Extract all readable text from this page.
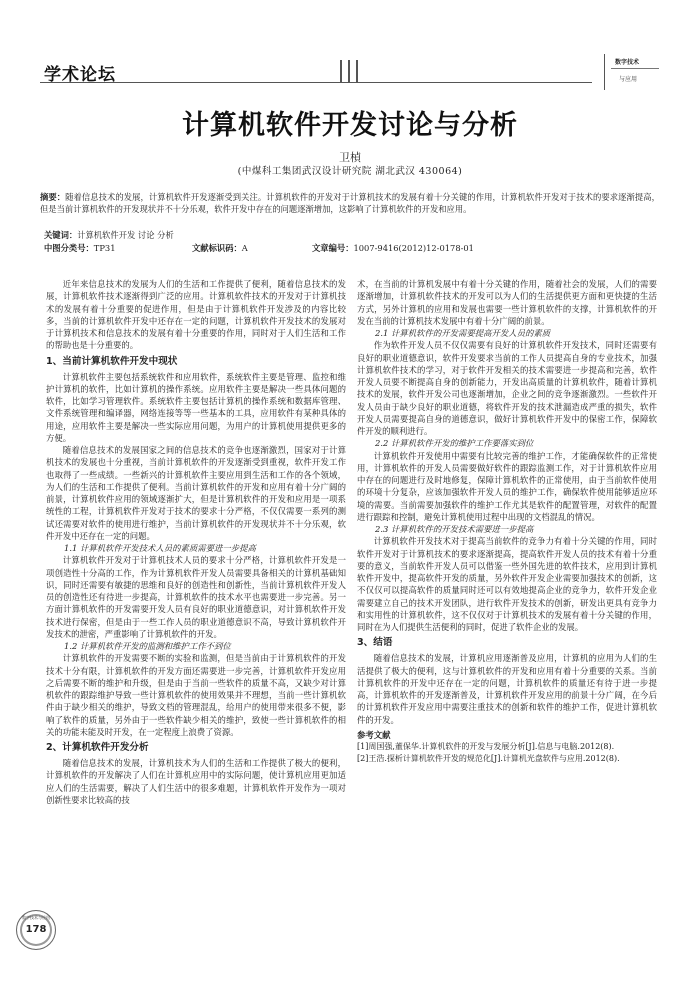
学术论坛
数字技术
与应用
计算机软件开发讨论与分析
卫楨
(中煤科工集团武汉设计研究院 湖北武汉 430064)
摘要：随着信息技术的发展，计算机软件开发逐渐受到关注。计算机软件的开发对于计算机技术的发展有着十分关键的作用，计算机软件开发对于技术的要求逐渐提高，但是当前计算机软件的开发现状并不十分乐观，软件开发中存在的问题逐渐增加，这影响了计算机软件的开发和应用。
关键词：计算机软件开发 讨论 分析
中图分类号：TP31	文献标识码：A	文章编号：1007-9416(2012)12-0178-01

近年来信息技术的发展为人们的生活和工作提供了便利，随着信息技术的发展，计算机软件技术逐渐得到广泛的应用。计算机软件技术的开发对于计算机技术的发展有着十分重要的促进作用，但是由于计算机软件开发涉及的内容比较多，当前的计算机软件开发中还存在一定的问题，计算机软件开发技术的发展对于计算机技术和信息技术的发展有着十分重要的作用，同时对于人们生活和工作的帮助也是十分重要的。

1、当前计算机软件开发中现状

计算机软件主要包括系统软件和应用软件，系统软件主要是管理、监控和维护计算机的软件，比如计算机的操作系统。应用软件主要是解决一些具体问题的软件，比如学习管理软件。系统软件主要包括计算机的操作系统和数据库管理、文件系统管理和编译器，网络连接等等一些基本的工具，应用软件有某种具体的用途，应用软件主要是解决一些实际应用问题，为用户的计算机使用提供更多的方便。

随着信息技术的发展国家之间的信息技术的竞争也逐渐激烈，国家对于计算机技术的发展也十分重视，当前计算机软件的开发逐渐受到重视，软件开发工作也取得了一些成绩。一些新兴的计算机软件主要应用到生活和工作的各个领域，为人们的生活和工作提供了便利。当前计算机软件的开发和应用有着十分广阔的前景，计算机软件应用的领域逐渐扩大，但是计算机软件的开发和应用是一项系统性的工程，计算机软件开发对于技术的要求十分严格，不仅仅需要一系列的测试还需要对软件的使用进行维护，当前计算机软件的开发现状并不十分乐观，软件开发中还存在一定的问题。

1.1 计算机软件开发技术人员的素质需要进一步提高

计算机软件开发对于计算机技术人员的要求十分严格，计算机软件开发是一项创造性十分高的工作，作为计算机软件开发人员需要具备相关的计算机基础知识，同时还需要有敏捷的思维和良好的创造性和创新性，当前计算机软件开发人员的创造性还有待进一步提高，计算机软件的技术水平也需要进一步完善。另一方面计算机软件的开发需要开发人员有良好的职业道德意识，对计算机软件开发技术进行保密，但是由于一些工作人员的职业道德意识不高，导致计算机软件开发技术的泄密，严重影响了计算机软件的开发。

1.2 计算机软件开发的监测和维护工作不到位

计算机软件的开发需要不断的实验和监测，但是当前由于计算机软件的开发技术十分有限，计算机软件的开发方面还需要进一步完善，计算机软件开发应用之后需要不断的维护和升级，但是由于当前一些软件的质量不高，又缺少对计算机软件的跟踪维护导致一些计算机软件的使用效果并不理想，当前一些计算机软件由于缺少相关的维护，导致文档的管理混乱，给用户的使用带来很多不便，影响了软件的质量，另外由于一些软件缺少相关的维护，致使一些计算机软件的相关的功能未能及时开发，在一定程度上浪费了资源。

2、计算机软件开发分析

随着信息技术的发展，计算机技术为人们的生活和工作提供了极大的便利，计算机软件的开发解决了人们在计算机应用中的实际问题，使计算机应用更加适应人们的生活需要，解决了人们生活中的很多难题，计算机软件开发作为一项对创新性要求比较高的技

术，在当前的计算机发展中有着十分关键的作用，随着社会的发展，人们的需要逐渐增加，计算机软件技术的开发可以为人们的生活提供更方面和更快捷的生活方式，另外计算机的应用和发展也需要一些计算机软件的支撑，计算机软件的开发在当前的计算机技术发展中有着十分广阔的前景。

2.1 计算机软件的开发需要提高开发人员的素质

作为软件开发人员不仅仅需要有良好的计算机软件开发技术，同时还需要有良好的职业道德意识，软件开发要求当前的工作人员提高自身的专业技术，加强计算机软件技术的学习，对于软件开发相关的技术需要进一步提高和完善，软件开发人员要不断提高自身的创新能力，开发出高质量的计算机软件，随着计算机技术的发展，软件开发公司也逐渐增加，企业之间的竞争逐渐激烈。一些软件开发人员由于缺少良好的职业道德，将软件开发的技术泄漏造成严重的损失，软件开发人员需要提高自身的道德意识，做好计算机软件开发中的保密工作，保障软件开发的顺利进行。

2.2 计算机软件开发的维护工作要落实到位

计算机软件开发使用中需要有比较完善的维护工作，才能确保软件的正常使用，计算机软件的开发人员需要做好软件的跟踪监测工作，对于计算机软件应用中存在的问题进行及时地修复，保障计算机软件的正常使用，由于当前软件使用的环境十分复杂，应该加强软件开发人员的维护工作，确保软件使用能够适应环境的需要。当前需要加强软件的维护工作尤其是软件的配置管理，对软件的配置进行跟踪和控制，避免计算机使用过程中出现的文档混乱的情况。

2.3 计算机软件的开发技术需要进一步提高

计算机软件开发技术对于提高当前软件的竞争力有着十分关键的作用，同时软件开发对于计算机技术的要求逐渐提高，提高软件开发人员的技术有着十分重要的意义，当前软件开发人员可以借鉴一些外国先进的软件技术，应用到计算机软件开发中，提高软件开发的质量，另外软件开发企业需要加强技术的创新，这不仅仅可以提高软件的质量同时还可以有效地提高企业的竞争力，软件开发企业需要建立自己的技术开发团队，进行软件开发技术的创新，研发出更具有竞争力和实用性的计算机软件，这不仅仅对于计算机技术的发展有着十分关键的作用，同时在为人们提供生活便利的同时，促进了软件企业的发展。

3、结语

随着信息技术的发展，计算机应用逐渐普及应用，计算机的应用为人们的生活提供了极大的便利，这与计算机软件的开发和应用有着十分重要的关系。当前计算机软件的开发中还存在一定的问题，计算机软件的质量还有待于进一步提高，计算机软件的开发逐渐普及，计算机软件开发应用的前景十分广阔，在今后的计算机软件开发应用中需要注重技术的创新和软件的维护工作，促进计算机软件的开发。

参考文献

[1]周国强,董保华.计算机软件的开发与发展分析[J].信息与电脑.2012(8).

[2]王浩.探析计算机软件开发的规范化[J].计算机光盘软件与应用.2012(8).

数字技术与应用
178
